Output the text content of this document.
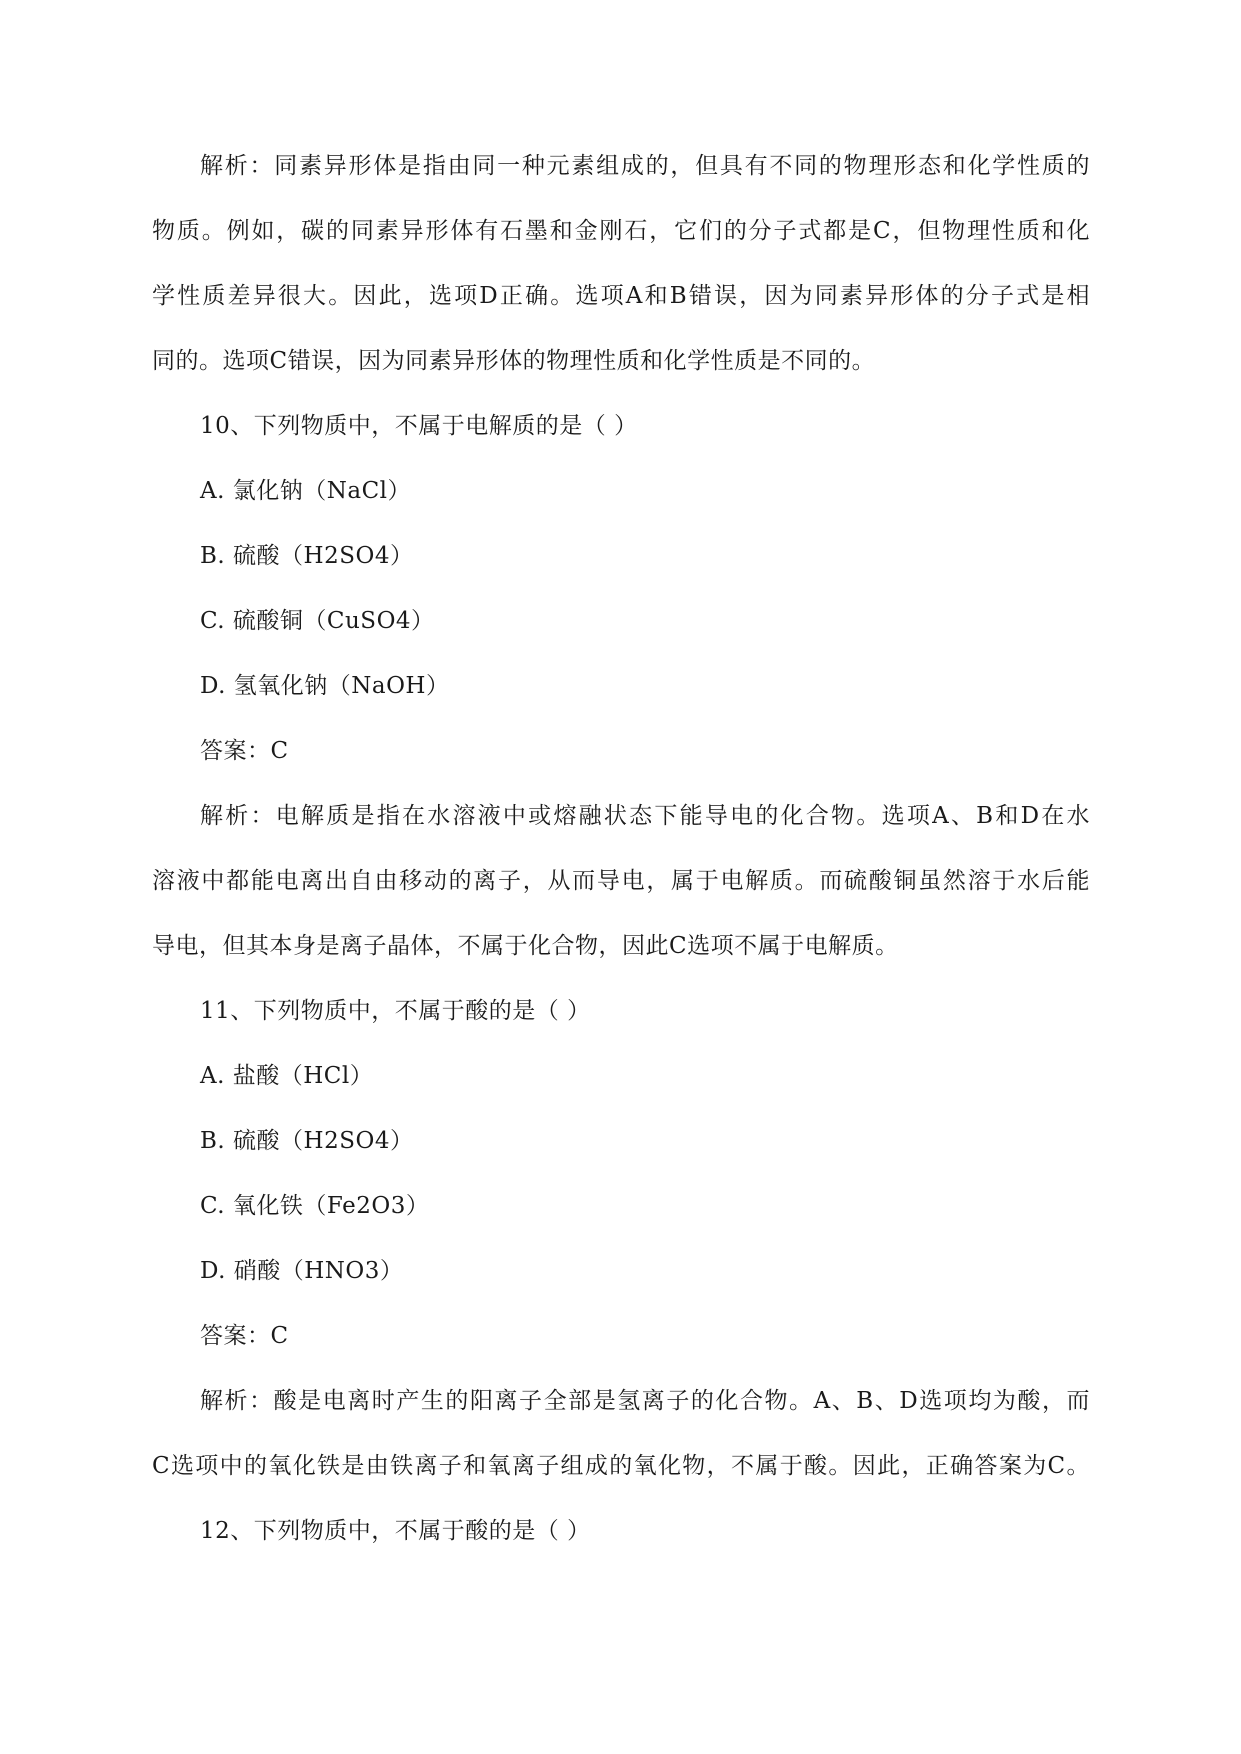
解析：同素异形体是指由同一种元素组成的，但具有不同的物理形态和化学性质的
物质。例如，碳的同素异形体有石墨和金刚石，它们的分子式都是C，但物理性质和化
学性质差异很大。因此，选项D正确。选项A和B错误，因为同素异形体的分子式是相
同的。选项C错误，因为同素异形体的物理性质和化学性质是不同的。
10、下列物质中，不属于电解质的是（ ）
A. 氯化钠（NaCl）
B. 硫酸（H2SO4）
C. 硫酸铜（CuSO4）
D. 氢氧化钠（NaOH）
答案：C
解析：电解质是指在水溶液中或熔融状态下能导电的化合物。选项A、B和D在水
溶液中都能电离出自由移动的离子，从而导电，属于电解质。而硫酸铜虽然溶于水后能
导电，但其本身是离子晶体，不属于化合物，因此C选项不属于电解质。
11、下列物质中，不属于酸的是（ ）
A. 盐酸（HCl）
B. 硫酸（H2SO4）
C. 氧化铁（Fe2O3）
D. 硝酸（HNO3）
答案：C
解析：酸是电离时产生的阳离子全部是氢离子的化合物。A、B、D选项均为酸，而
C选项中的氧化铁是由铁离子和氧离子组成的氧化物，不属于酸。因此，正确答案为C。
12、下列物质中，不属于酸的是（ ）
